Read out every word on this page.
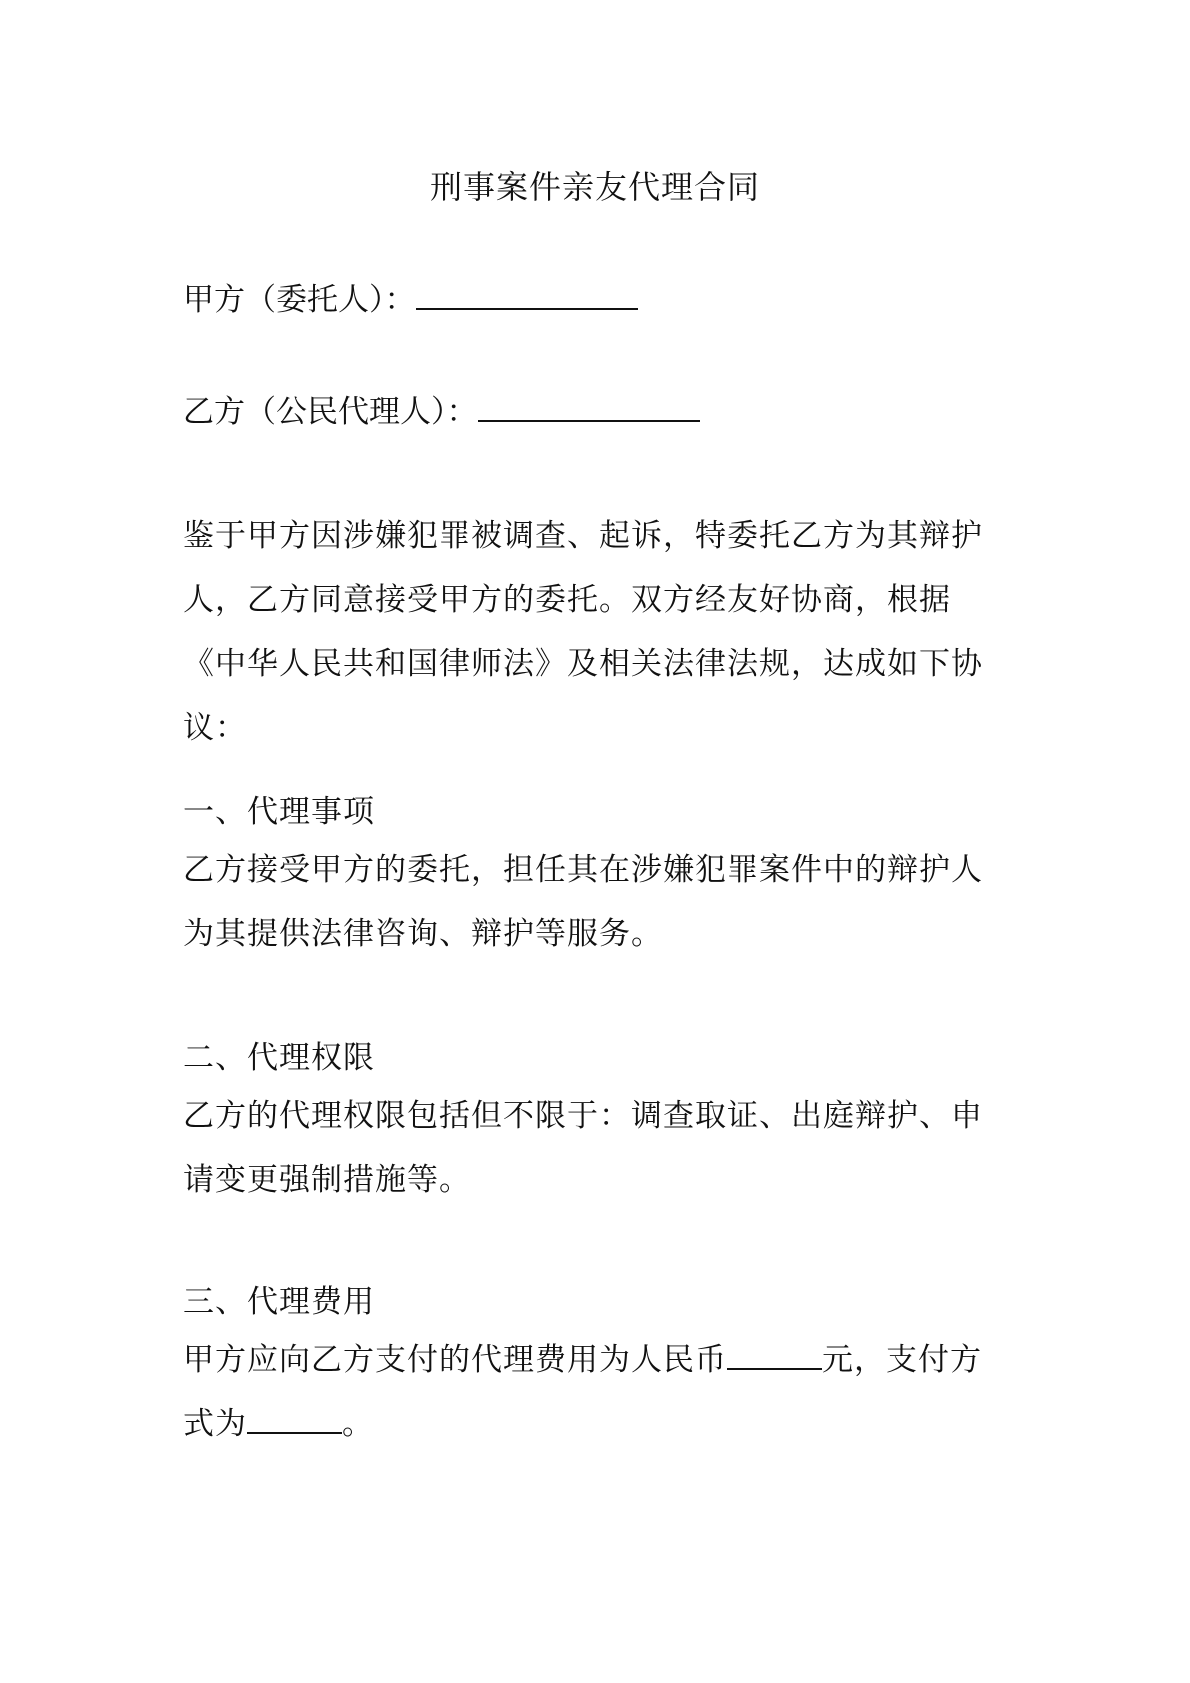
刑事案件亲友代理合同

甲方（委托人）：

乙方（公民代理人）：

鉴于甲方因涉嫌犯罪被调查、起诉，特委托乙方为其辩护
人，乙方同意接受甲方的委托。双方经友好协商，根据
《中华人民共和国律师法》及相关法律法规，达成如下协
议：
一、代理事项
乙方接受甲方的委托，担任其在涉嫌犯罪案件中的辩护人
为其提供法律咨询、辩护等服务。
二、代理权限
乙方的代理权限包括但不限于：调查取证、出庭辩护、申
请变更强制措施等。
三、代理费用
甲方应向乙方支付的代理费用为人民币	元，支付方
式为	。
